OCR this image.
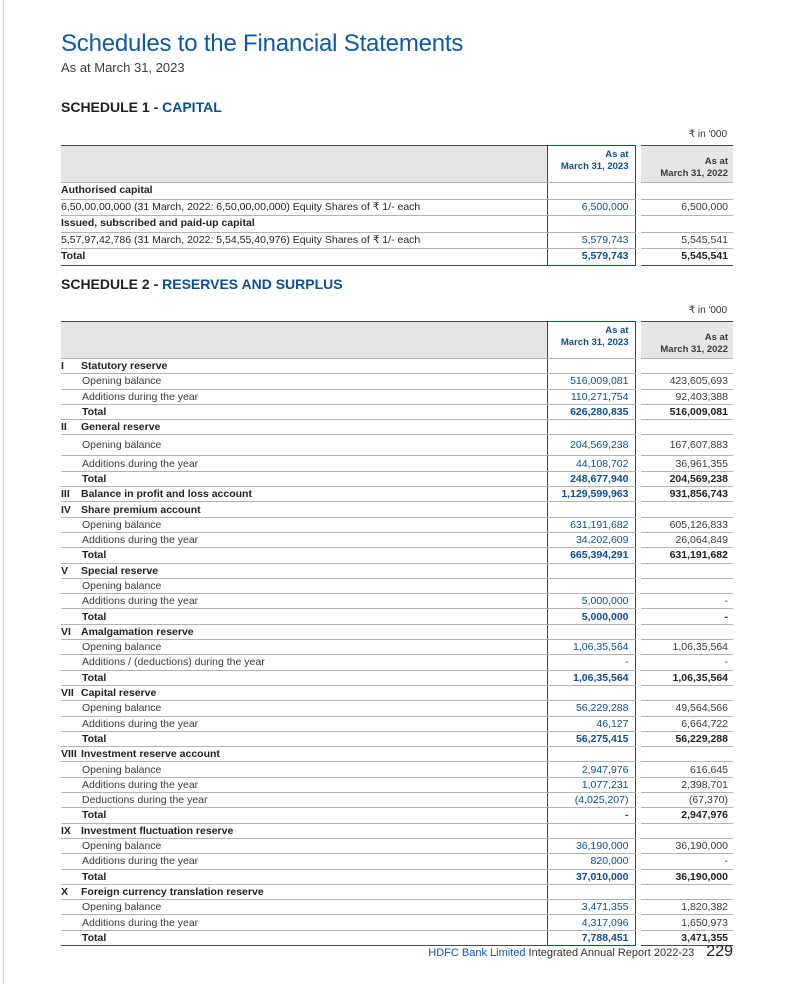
Schedules to the Financial Statements
As at March 31, 2023
SCHEDULE 1 - CAPITAL
₹ in '000
	As at
March 31, 2023		As at
March 31, 2022
Authorised capital			
6,50,00,00,000 (31 March, 2022: 6,50,00,00,000) Equity Shares of ₹ 1/- each	6,500,000		6,500,000
Issued, subscribed and paid-up capital			
5,57,97,42,786 (31 March, 2022: 5,54,55,40,976) Equity Shares of ₹ 1/- each	5,579,743		5,545,541
Total	5,579,743		5,545,541
SCHEDULE 2 - RESERVES AND SURPLUS
₹ in '000
	As at
March 31, 2023		As at
March 31, 2022
I Statutory reserve			
Opening balance	516,009,081		423,605,693
Additions during the year	110,271,754		92,403,388
Total	626,280,835		516,009,081
II General reserve			
Opening balance	204,569,238		167,607,883
Additions during the year	44,108,702		36,961,355
Total	248,677,940		204,569,238
III Balance in profit and loss account	1,129,599,963		931,856,743
IV Share premium account			
Opening balance	631,191,682		605,126,833
Additions during the year	34,202,609		26,064,849
Total	665,394,291		631,191,682
V Special reserve			
Opening balance			
Additions during the year	5,000,000		-
Total	5,000,000		-
VI Amalgamation reserve			
Opening balance	1,06,35,564		1,06,35,564
Additions / (deductions) during the year	-		-
Total	1,06,35,564		1,06,35,564
VII Capital reserve			
Opening balance	56,229,288		49,564,566
Additions during the year	46,127		6,664,722
Total	56,275,415		56,229,288
VIII Investment reserve account			
Opening balance	2,947,976		616,645
Additions during the year	1,077,231		2,398,701
Deductions during the year	(4,025,207)		(67,370)
Total	-		2,947,976
IX Investment fluctuation reserve			
Opening balance	36,190,000		36,190,000
Additions during the year	820,000		-
Total	37,010,000		36,190,000
X Foreign currency translation reserve			
Opening balance	3,471,355		1,820,382
Additions during the year	4,317,096		1,650,973
Total	7,788,451		3,471,355
HDFC Bank Limited Integrated Annual Report 2022-23 229
